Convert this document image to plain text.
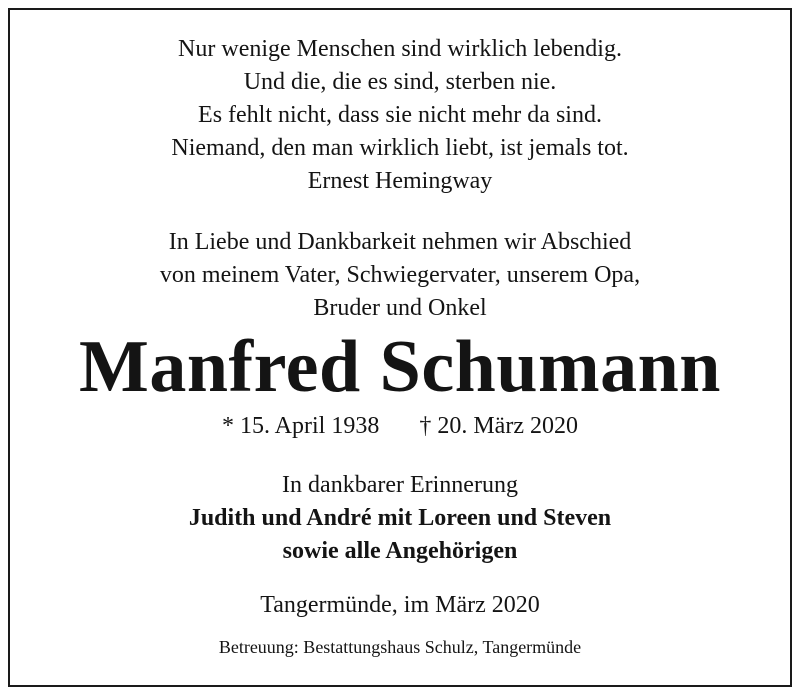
Nur wenige Menschen sind wirklich lebendig.
Und die, die es sind, sterben nie.
Es fehlt nicht, dass sie nicht mehr da sind.
Niemand, den man wirklich liebt, ist jemals tot.
Ernest Hemingway
In Liebe und Dankbarkeit nehmen wir Abschied
von meinem Vater, Schwiegervater, unserem Opa,
Bruder und Onkel
Manfred Schumann
* 15. April 1938 † 20. März 2020
In dankbarer Erinnerung
Judith und André mit Loreen und Steven
sowie alle Angehörigen
Tangermünde, im März 2020
Betreuung: Bestattungshaus Schulz, Tangermünde
